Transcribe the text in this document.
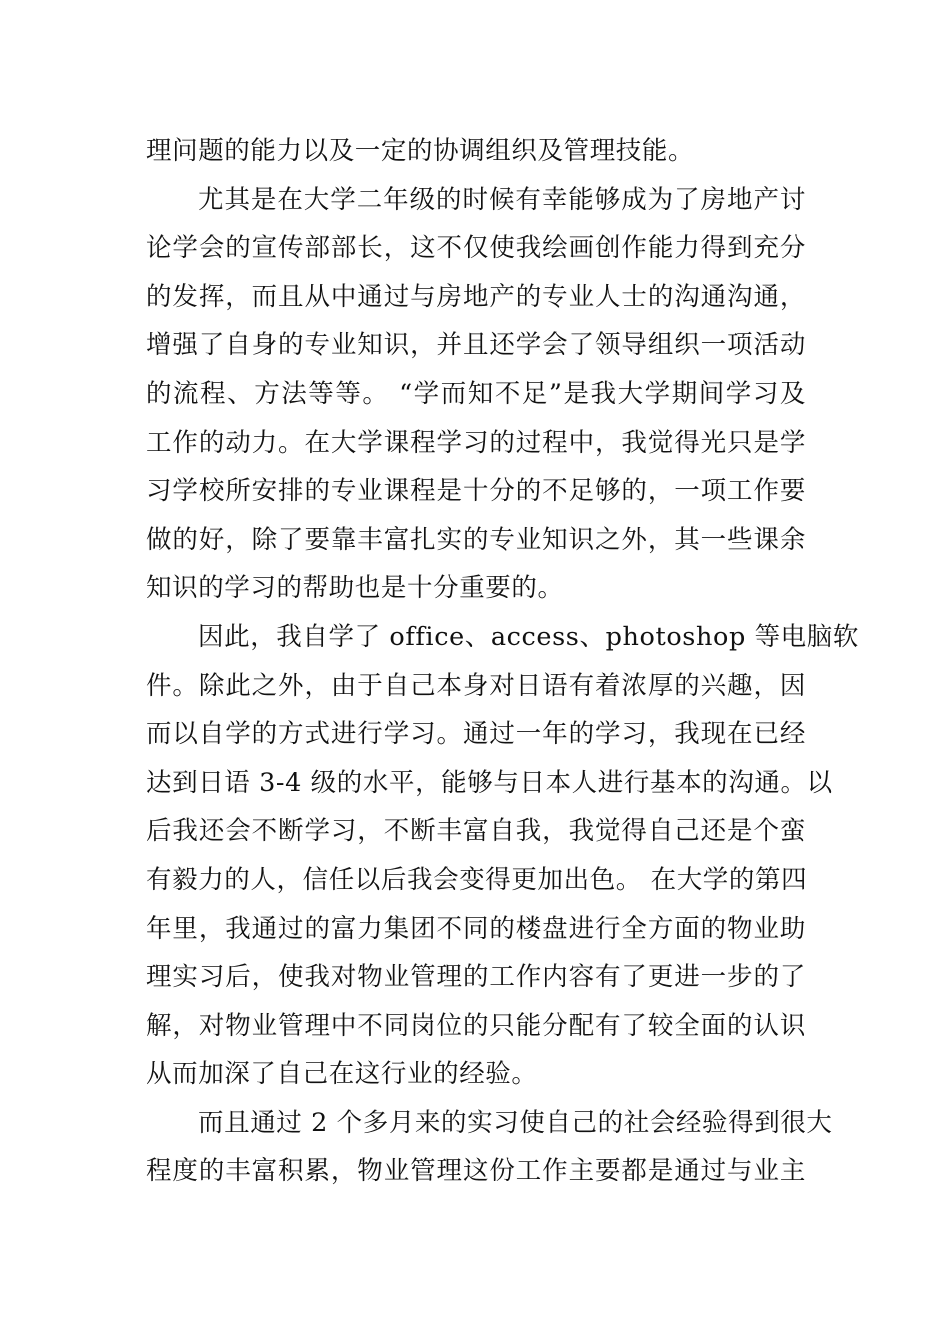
理问题的能力以及一定的协调组织及管理技能。
尤其是在大学二年级的时候有幸能够成为了房地产讨
论学会的宣传部部长，这不仅使我绘画创作能力得到充分
的发挥，而且从中通过与房地产的专业人士的沟通沟通，
增强了自身的专业知识，并且还学会了领导组织一项活动
的流程、方法等等。 “学而知不足”是我大学期间学习及
工作的动力。在大学课程学习的过程中，我觉得光只是学
习学校所安排的专业课程是十分的不足够的，一项工作要
做的好，除了要靠丰富扎实的专业知识之外，其一些课余
知识的学习的帮助也是十分重要的。
因此，我自学了 office、access、photoshop 等电脑软
件。除此之外，由于自己本身对日语有着浓厚的兴趣，因
而以自学的方式进行学习。通过一年的学习，我现在已经
达到日语 3-4 级的水平，能够与日本人进行基本的沟通。以
后我还会不断学习，不断丰富自我，我觉得自己还是个蛮
有毅力的人，信任以后我会变得更加出色。 在大学的第四
年里，我通过的富力集团不同的楼盘进行全方面的物业助
理实习后，使我对物业管理的工作内容有了更进一步的了
解，对物业管理中不同岗位的只能分配有了较全面的认识
从而加深了自己在这行业的经验。
而且通过 2 个多月来的实习使自己的社会经验得到很大
程度的丰富积累，物业管理这份工作主要都是通过与业主
